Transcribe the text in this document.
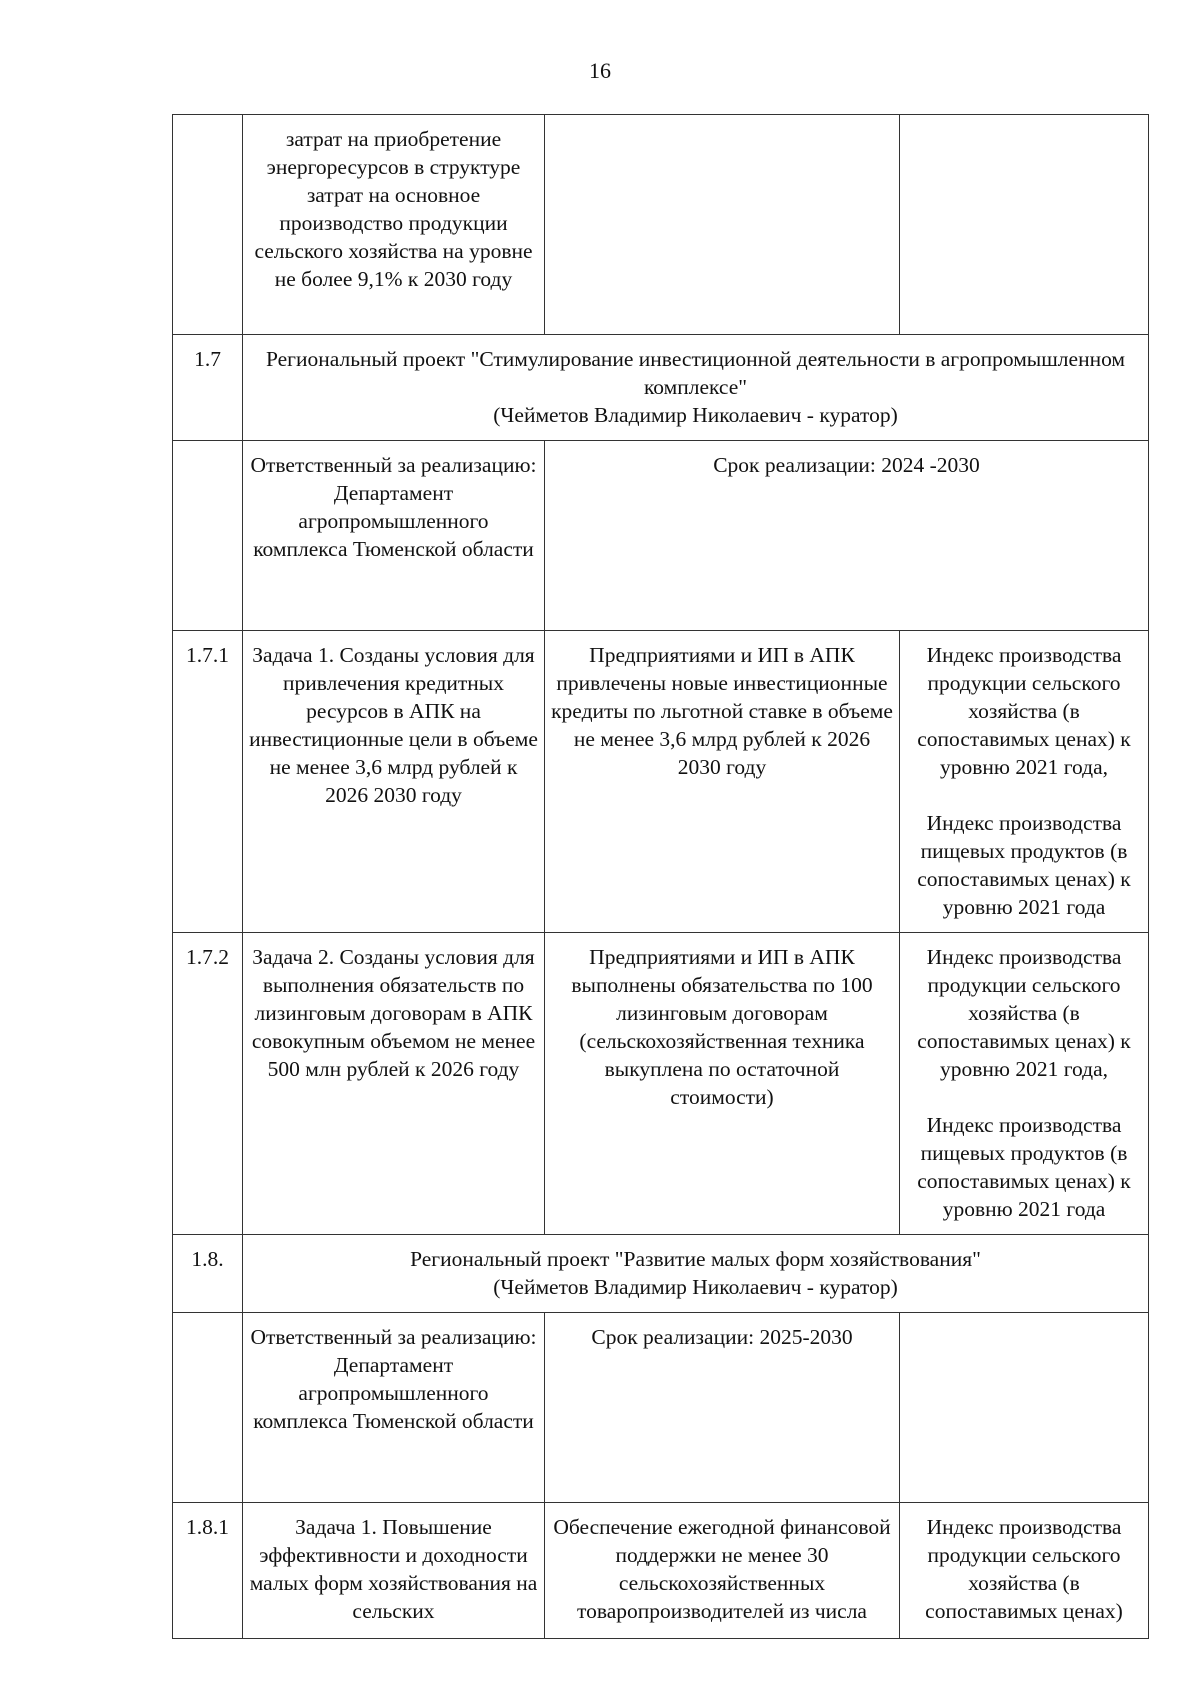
16
	затрат на приобретение энергоресурсов в структуре затрат на основное производство продукции сельского хозяйства на уровне не более 9,1% к 2030 году		
1.7	Региональный проект "Стимулирование инвестиционной деятельности в агропромышленном комплексе"
(Чейметов Владимир Николаевич - куратор)		

	Ответственный за реализацию: Департамент агропромышленного комплекса Тюменской области	Срок реализации: 2024 -2030	
1.7.1	Задача 1. Созданы условия для привлечения кредитных ресурсов в АПК на инвестиционные цели в объеме не менее 3,6 млрд рублей к 2026 2030 году	Предприятиями и ИП в АПК привлечены новые инвестиционные кредиты по льготной ставке в объеме не менее 3,6 млрд рублей к 2026 2030 году	Индекс производства продукции сельского хозяйства (в сопоставимых ценах) к уровню 2021 года,
Индекс производства пищевых продуктов (в сопоставимых ценах) к уровню 2021 года

1.7.2	Задача 2. Созданы условия для выполнения обязательств по лизинговым договорам в АПК совокупным объемом не менее 500 млн рублей к 2026 году	Предприятиями и ИП в АПК выполнены обязательства по 100 лизинговым договорам (сельскохозяйственная техника выкуплена по остаточной стоимости)	Индекс производства продукции сельского хозяйства (в сопоставимых ценах) к уровню 2021 года,
Индекс производства пищевых продуктов (в сопоставимых ценах) к уровню 2021 года

1.8.	Региональный проект "Развитие малых форм хозяйствования"
(Чейметов Владимир Николаевич - куратор)		

	Ответственный за реализацию: Департамент агропромышленного комплекса Тюменской области	Срок реализации: 2025-2030	
1.8.1	Задача 1. Повышение эффективности и доходности малых форм хозяйствования на сельских	Обеспечение ежегодной финансовой поддержки не менее 30 сельскохозяйственных товаропроизводителей из числа	Индекс производства продукции сельского хозяйства (в сопоставимых ценах)
